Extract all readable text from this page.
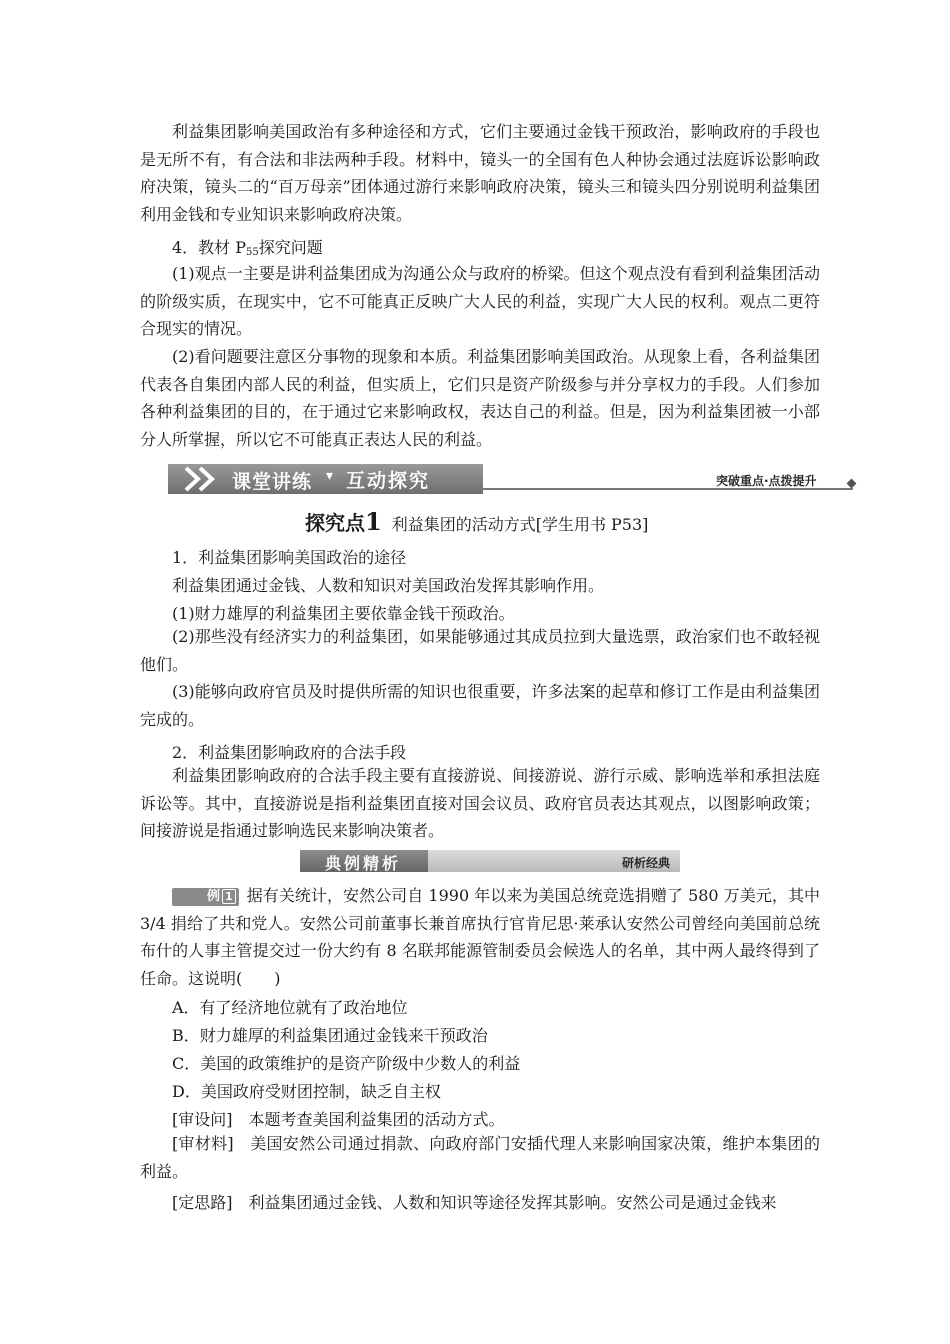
利益集团影响美国政治有多种途径和方式，它们主要通过金钱干预政治，影响政府的手段也是无所不有，有合法和非法两种手段。材料中，镜头一的全国有色人种协会通过法庭诉讼影响政府决策，镜头二的“百万母亲”团体通过游行来影响政府决策，镜头三和镜头四分别说明利益集团利用金钱和专业知识来影响政府决策。

4．教材 $P_{55}$探究问题

(1)观点一主要是讲利益集团成为沟通公众与政府的桥梁。但这个观点没有看到利益集团活动的阶级实质，在现实中，它不可能真正反映广大人民的利益，实现广大人民的权利。观点二更符合现实的情况。

(2)看问题要注意区分事物的现象和本质。利益集团影响美国政治。从现象上看，各利益集团代表各自集团内部人民的利益，但实质上，它们只是资产阶级参与并分享权力的手段。人们参加各种利益集团的目的，在于通过它来影响政权，表达自己的利益。但是，因为利益集团被一小部分人所掌握，所以它不可能真正表达人民的利益。

课堂讲练 ▾ 互动探究	突破重点·点拨提升
探究点1 利益集团的活动方式[学生用书 P53]
1．利益集团影响美国政治的途径
利益集团通过金钱、人数和知识对美国政治发挥其影响作用。
(1)财力雄厚的利益集团主要依靠金钱干预政治。

(2)那些没有经济实力的利益集团，如果能够通过其成员拉到大量选票，政治家们也不敢轻视他们。

(3)能够向政府官员及时提供所需的知识也很重要，许多法案的起草和修订工作是由利益集团完成的。

2．利益集团影响政府的合法手段

利益集团影响政府的合法手段主要有直接游说、间接游说、游行示威、影响选举和承担法庭诉讼等。其中，直接游说是指利益集团直接对国会议员、政府官员表达其观点，以图影响政策；间接游说是指通过影响选民来影响决策者。

典例精析	研析经典

例 1 据有关统计，安然公司自 1990 年以来为美国总统竞选捐赠了 580 万美元，其中 3/4 捐给了共和党人。安然公司前董事长兼首席执行官肯尼思·莱承认安然公司曾经向美国前总统布什的人事主管提交过一份大约有 8 名联邦能源管制委员会候选人的名单，其中两人最终得到了任命。这说明(　　)

A．有了经济地位就有了政治地位
B．财力雄厚的利益集团通过金钱来干预政治
C．美国的政策维护的是资产阶级中少数人的利益
D．美国政府受财团控制，缺乏自主权
[审设问]　 本题考查美国利益集团的活动方式。

[审材料]　 美国安然公司通过捐款、向政府部门安插代理人来影响国家决策，维护本集团的利益。

[定思路]　 利益集团通过金钱、人数和知识等途径发挥其影响。安然公司是通过金钱来
